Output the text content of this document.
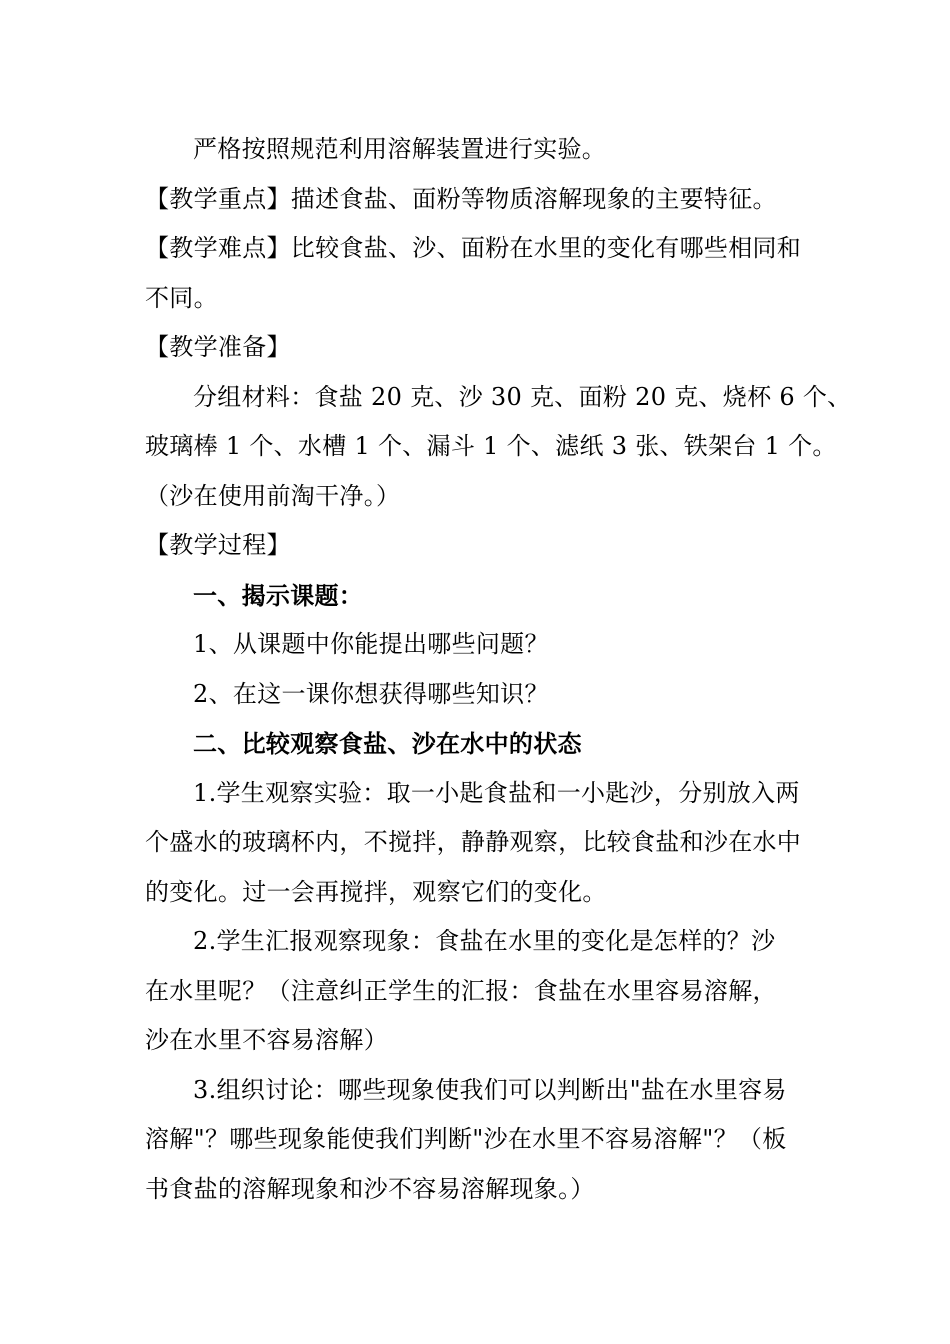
严格按照规范利用溶解装置进行实验。
【教学重点】描述食盐、面粉等物质溶解现象的主要特征。
【教学难点】比较食盐、沙、面粉在水里的变化有哪些相同和
不同。
【教学准备】
分组材料：食盐 20 克、沙 30 克、面粉 20 克、烧杯 6 个、
玻璃棒 1 个、水槽 1 个、漏斗 1 个、滤纸 3 张、铁架台 1 个。
（沙在使用前淘干净。）
【教学过程】
一、揭示课题：
1、从课题中你能提出哪些问题？
2、在这一课你想获得哪些知识？
二、比较观察食盐、沙在水中的状态
1.学生观察实验：取一小匙食盐和一小匙沙，分别放入两
个盛水的玻璃杯内，不搅拌，静静观察，比较食盐和沙在水中
的变化。过一会再搅拌，观察它们的变化。
2.学生汇报观察现象：食盐在水里的变化是怎样的？沙
在水里呢？（注意纠正学生的汇报：食盐在水里容易溶解，
沙在水里不容易溶解）
3.组织讨论：哪些现象使我们可以判断出"盐在水里容易
溶解"？哪些现象能使我们判断"沙在水里不容易溶解"？（板
书食盐的溶解现象和沙不容易溶解现象。）
